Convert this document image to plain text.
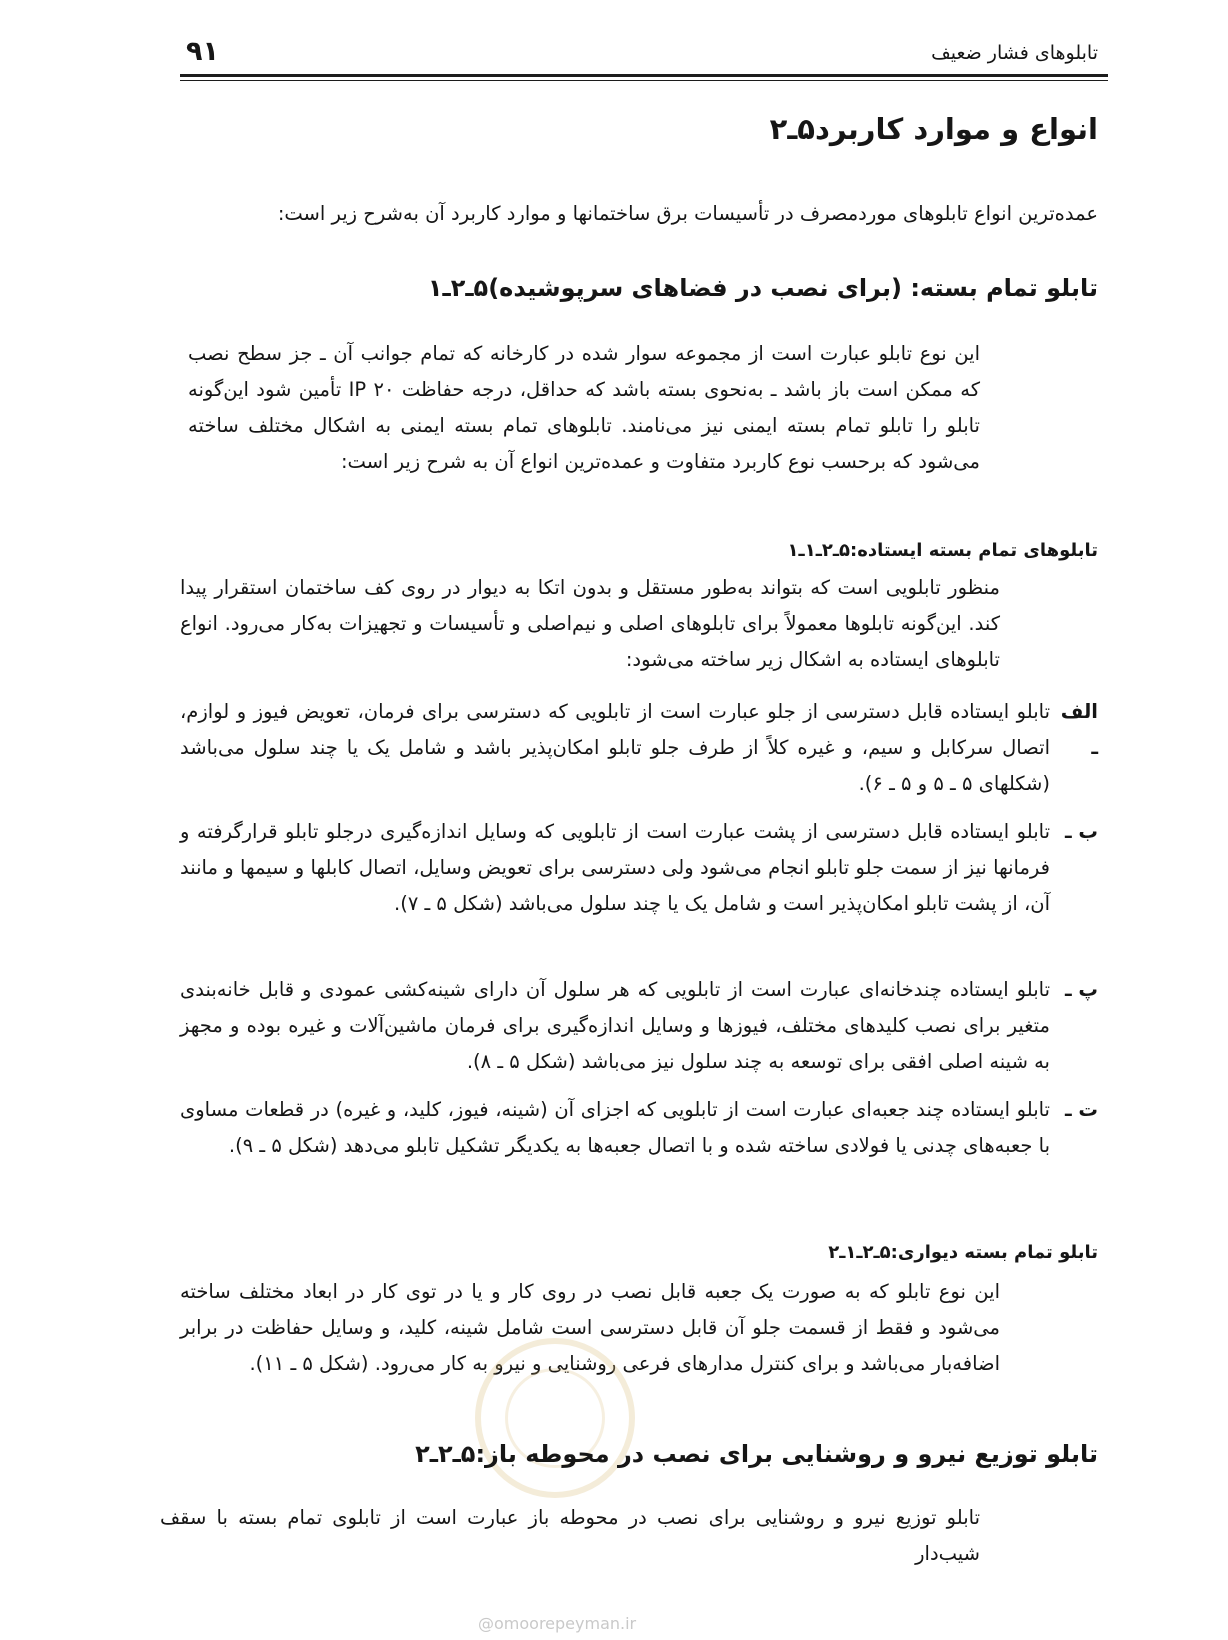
تابلوهای فشار ضعیف
۹۱
۵ـ۲ انواع و موارد کاربرد
عمده‌ترین انواع تابلوهای موردمصرف در تأسیسات برق ساختمانها و موارد کاربرد آن به‌شرح زیر است:
۵ـ۲ـ۱ تابلو تمام بسته: (برای نصب در فضاهای سرپوشیده)
این نوع تابلو عبارت است از مجموعه سوار شده در کارخانه که تمام جوانب آن ـ جز سطح نصب که ممکن است باز باشد ـ به‌نحوی بسته باشد که حداقل، درجه حفاظت IP ۲۰ تأمین شود این‌گونه تابلو را تابلو تمام بسته ایمنی نیز می‌نامند. تابلوهای تمام بسته ایمنی به اشکال مختلف ساخته می‌شود که برحسب نوع کاربرد متفاوت و عمده‌ترین انواع آن به شرح زیر است:
۵ـ۲ـ۱ـ۱ تابلوهای تمام بسته ایستاده:
منظور تابلویی است که بتواند به‌طور مستقل و بدون اتکا به دیوار در روی کف ساختمان استقرار پیدا کند. این‌گونه تابلوها معمولاً برای تابلوهای اصلی و نیم‌اصلی و تأسیسات و تجهیزات به‌کار می‌رود. انواع تابلوهای ایستاده به اشکال زیر ساخته می‌شود:
الف ـ
تابلو ایستاده قابل دسترسی از جلو عبارت است از تابلویی که دسترسی برای فرمان، تعویض فیوز و لوازم، اتصال سرکابل و سیم، و غیره کلاً از طرف جلو تابلو امکان‌پذیر باشد و شامل یک یا چند سلول می‌باشد (شکلهای ۵ ـ ۵ و ۵ ـ ۶).
ب ـ
تابلو ایستاده قابل دسترسی از پشت عبارت است از تابلویی که وسایل اندازه‌گیری درجلو تابلو قرارگرفته و فرمانها نیز از سمت جلو تابلو انجام می‌شود ولی دسترسی برای تعویض وسایل، اتصال کابلها و سیمها و مانند آن، از پشت تابلو امکان‌پذیر است و شامل یک یا چند سلول می‌باشد (شکل ۵ ـ ۷).
پ ـ
تابلو ایستاده چندخانه‌ای عبارت است از تابلویی که هر سلول آن دارای شینه‌کشی عمودی و قابل خانه‌بندی متغیر برای نصب کلیدهای مختلف، فیوزها و وسایل اندازه‌گیری برای فرمان ماشین‌آلات و غیره بوده و مجهز به شینه اصلی افقی برای توسعه به چند سلول نیز می‌باشد (شکل ۵ ـ ۸).
ت ـ
تابلو ایستاده چند جعبه‌ای عبارت است از تابلویی که اجزای آن (شینه، فیوز، کلید، و غیره) در قطعات مساوی با جعبه‌های چدنی یا فولادی ساخته شده و با اتصال جعبه‌ها به یکدیگر تشکیل تابلو می‌دهد (شکل ۵ ـ ۹).
۵ـ۲ـ۱ـ۲ تابلو تمام بسته دیواری:
این نوع تابلو که به صورت یک جعبه قابل نصب در روی کار و یا در توی کار در ابعاد مختلف ساخته می‌شود و فقط از قسمت جلو آن قابل دسترسی است شامل شینه، کلید، و وسایل حفاظت در برابر اضافه‌بار می‌باشد و برای کنترل مدارهای فرعی روشنایی و نیرو به کار می‌رود. (شکل ۵ ـ ۱۱).
۵ـ۲ـ۲ تابلو توزیع نیرو و روشنایی برای نصب در محوطه باز:
تابلو توزیع نیرو و روشنایی برای نصب در محوطه باز عبارت است از تابلوی تمام بسته با سقف شیب‌دار
@omoorepeyman.ir
